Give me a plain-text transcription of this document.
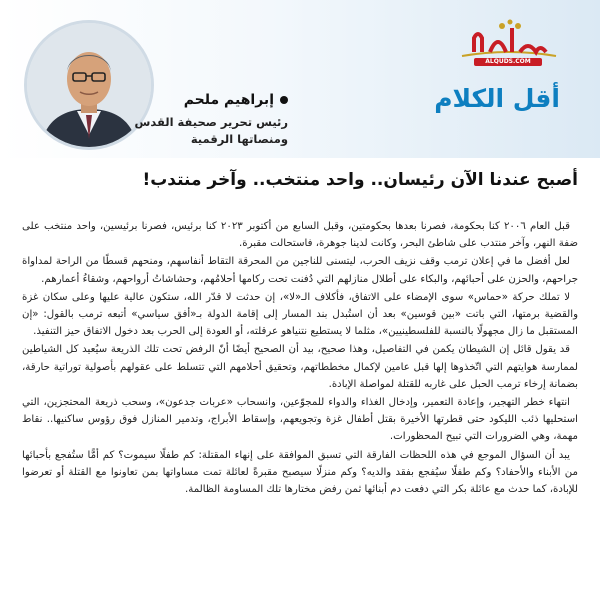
ALQUDS.COM
أقل الكلام
إبراهيم ملحم
رئيس تحرير صحيفة القدس
ومنصاتها الرقمية
أصبح عندنا الآن رئيسان.. واحد منتخب.. وآخر منتدب!

قبل العام ٢٠٠٦ كنا بحكومة، فصرنا بعدها بحكومتين، وقبل السابع من أكتوبر ٢٠٢٣ كنا برئيس، فصرنا برئيسين، واحد منتخب على ضفة النهر، وآخر منتدب على شاطئ البحر، وكانت لدينا جوهرة، فاستحالت مقبرة.

لعل أفضل ما في إعلان ترمب وقف نزيف الحرب، ليتسنى للناجين من المحرقة التقاط أنفاسهم، ومنحهم قسطًا من الراحة لمداواة جراحهم، والحزن على أحبائهم، والبكاء على أطلال منازلهم التي دُفنت تحت ركامها أحلامُهم، وحشاشاتُ أرواحهم، وشقاءُ أعمارهم.

لا تملك حركة «حماس» سوى الإمضاء على الاتفاق، فأكلاف الـ«لا»، إن حدثت لا قدّر الله، ستكون عالية عليها وعلى سكان غزة والقضية برمتها، التي باتت «بين قوسين» بعد أن استُبدل بند المسار إلى إقامة الدولة بـ«أفق سياسي» أتبعه ترمب بالقول: «إن المستقبل ما زال مجهولًا بالنسبة للفلسطينيين»، مثلما لا يستطيع نتنياهو عرقلته، أو العودة إلى الحرب بعد دخول الاتفاق حيز التنفيذ.

قد يقول قائل إن الشيطان يكمن في التفاصيل، وهذا صحيح، بيد أن الصحيح أيضًا أنّ الرفض تحت تلك الذريعة سيُعيد كل الشياطين لممارسة هوايتهم التي اتّخذوها إلها قبل عامين لإكمال مخططاتهم، وتحقيق أحلامهم التي تتسلط على عقولهم بأصولية توراتية حارقة، بضمانة إرخاء ترمب الحبل على غاربه للقتلة لمواصلة الإبادة.

انتهاء خطر التهجير، وإعادة التعمير، وإدخال الغذاء والدواء للمجوّعين، وانسحاب «عربات جدعون»، وسحب ذريعة المحتجزين، التي استحليها ذئب الليكود حتى قطرتها الأخيرة بقتل أطفال غزة وتجويعهم، وإسقاط الأبراج، وتدمير المنازل فوق رؤوس ساكنيها.. نقاط مهمة، وهي الضرورات التي تبيح المحظورات.

يبد أن السؤال الموجع في هذه اللحظات الفارقة التي تسبق الموافقة على إنهاء المقتلة: كم طفلًا سيموت؟ كم أمًّا ستُفجع بأحبائها من الأبناء والأحفاد؟ وكم طفلًا سيُفجع بفقد والديه؟ وكم منزلًا سيصبح مقبرةً لعائلة تمت مساواتها بمن تعاونوا مع القتلة أو تعرضوا للإبادة، كما حدث مع عائلة بكر التي دفعت دم أبنائها ثمن رفض مختارها تلك المساومة الظالمة.
